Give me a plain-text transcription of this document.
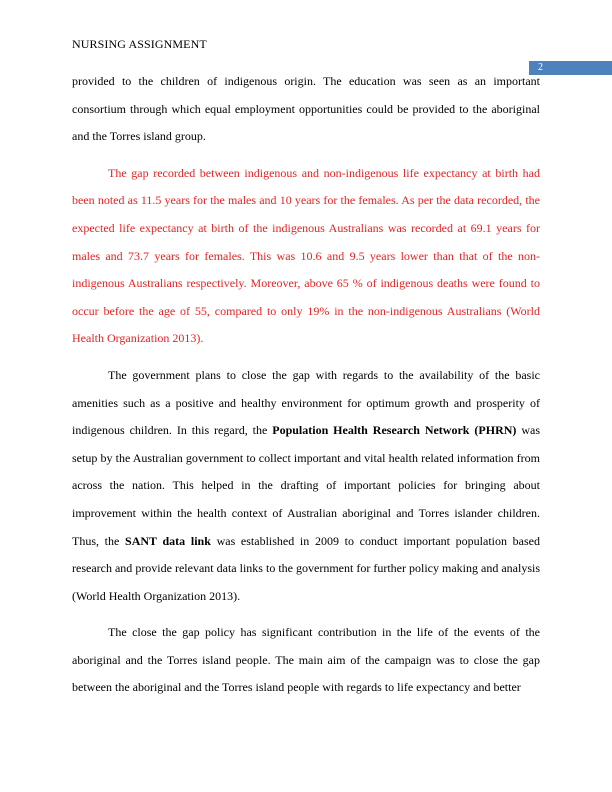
NURSING ASSIGNMENT
2

provided to the children of indigenous origin. The education was seen as an important consortium through which equal employment opportunities could be provided to the aboriginal and the Torres island group.

The gap recorded between indigenous and non-indigenous life expectancy at birth had been noted as 11.5 years for the males and 10 years for the females. As per the data recorded, the expected life expectancy at birth of the indigenous Australians was recorded at 69.1 years for males and 73.7 years for females. This was 10.6 and 9.5 years lower than that of the non-indigenous Australians respectively. Moreover, above 65 % of indigenous deaths were found to occur before the age of 55, compared to only 19% in the non-indigenous Australians (World Health Organization 2013).

The government plans to close the gap with regards to the availability of the basic amenities such as a positive and healthy environment for optimum growth and prosperity of indigenous children. In this regard, the Population Health Research Network (PHRN) was setup by the Australian government to collect important and vital health related information from across the nation. This helped in the drafting of important policies for bringing about improvement within the health context of Australian aboriginal and Torres islander children. Thus, the SANT data link was established in 2009 to conduct important population based research and provide relevant data links to the government for further policy making and analysis (World Health Organization 2013).

The close the gap policy has significant contribution in the life of the events of the aboriginal and the Torres island people. The main aim of the campaign was to close the gap between the aboriginal and the Torres island people with regards to life expectancy and better
